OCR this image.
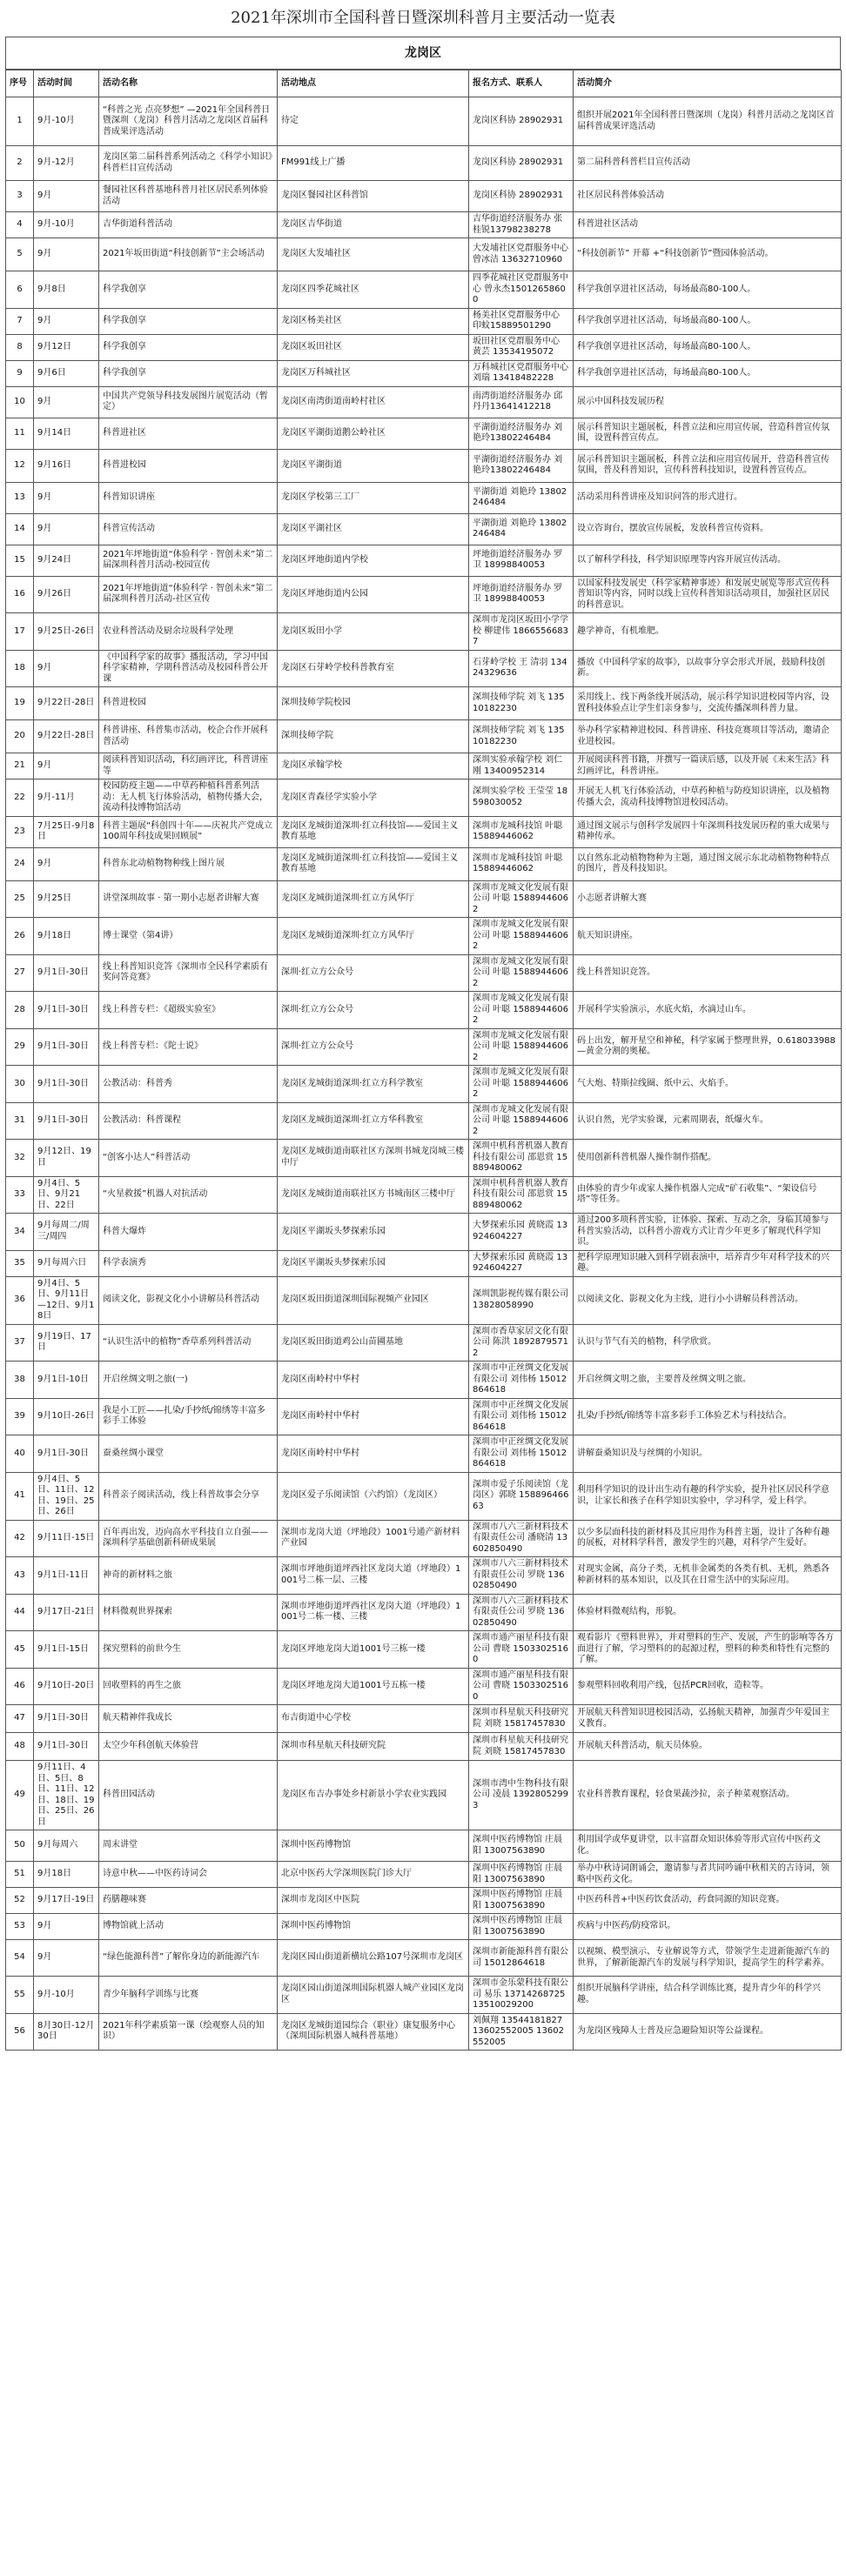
2021年深圳市全国科普日暨深圳科普月主要活动一览表
龙岗区
序号	活动时间	活动名称	活动地点	报名方式、联系人	活动简介
1	9月-10月	“科普之光 点亮梦想” —2021年全国科普日暨深圳（龙岗）科普月活动之龙岗区首届科普成果评选活动	待定	龙岗区科协 28902931	组织开展2021年全国科普日暨深圳（龙岗）科普月活动之龙岗区首届科普成果评选活动
2	9月-12月	龙岗区第二届科普系列活动之《科学小知识》科普栏目宣传活动	FM991线上广播	龙岗区科协 28902931	第二届科普科普栏目宣传活动
3	9月	餐园社区科普基地科普月社区居民系列体验活动	龙岗区餐园社区科普馆	龙岗区科协 28902931	社区居民科普体验活动
4	9月-10月	吉华街道科普活动	龙岗区吉华街道	吉华街道经济服务办 张桂锐13798238278	科普进社区活动
5	9月	2021年坂田街道“科技创新节”主会场活动	龙岗区大发埔社区	大发埔社区党群服务中心 曾冰洁 13632710960	“科技创新节” 开幕 +“科技创新节”暨园体验活动。
6	9月8日	科学我创享	龙岗区四季花城社区	四季花城社区党群服务中心 曾永杰15012658600	科学我创享进社区活动，每场最高80-100人。
7	9月	科学我创享	龙岗区杨美社区	杨美社区党群服务中心 印蚊15889501290	科学我创享进社区活动，每场最高80-100人。
8	9月12日	科学我创享	龙岗区坂田社区	坂田社区党群服务中心 黄芸 13534195072	科学我创享进社区活动，每场最高80-100人。
9	9月6日	科学我创享	龙岗区万科城社区	万科城社区党群服务中心 刘瑞 13418482228	科学我创享进社区活动，每场最高80-100人。
10	9月	中国共产党领导科技发展图片展览活动（暂定）	龙岗区南湾街道南岭村社区	南湾街道经济服务办 邱丹丹13641412218	展示中国科技发展历程
11	9月14日	科普进社区	龙岗区平湖街道鹅公岭社区	平湖街道经济服务办 刘艳玲13802246484	展示科普知识主题展板，科普立法和应用宣传展，营造科普宣传氛围，设置科普宣传点。
12	9月16日	科普进校园	龙岗区平湖街道	平湖街道经济服务办 刘艳玲13802246484	展示科普知识主题展板，科普立法和应用宣传展开，营造科普宣传氛围，普及科普知识，宣传科普科技知识，设置科普宣传点。
13	9月	科普知识讲座	龙岗区学校第三工厂	平湖街道 刘艳玲 13802246484	活动采用科普讲座及知识问答的形式进行。
14	9月	科普宣传活动	龙岗区平湖社区	平湖街道 刘艳玲 13802246484	设立咨询台，摆放宣传展板，发放科普宣传资料。
15	9月24日	2021年坪地街道“体验科学 · 智创未来”第二届深圳科普月活动-校园宣传	龙岗区坪地街道内学校	坪地街道经济服务办 罗卫 18998840053	以了解科学科技，科学知识原理等内容开展宣传活动。
16	9月26日	2021年坪地街道“体验科学 · 智创未来”第二届深圳科普月活动-社区宣传	龙岗区坪地街道内公园	坪地街道经济服务办 罗卫 18998840053	以国家科技发展史（科学家精神事迹）和发展史展览等形式宣传科普知识等内容，同时以线上宣传科普知识活动项目，加强社区居民的科普意识。
17	9月25日-26日	农业科普活动及厨余垃圾科学处理	龙岗区坂田小学	深圳市龙岗区坂田小学学校 柳建伟 18665566837	趣学神奇，有机堆肥。
18	9月	《中国科学家的故事》播报活动，学习中国科学家精神，学期科普活动及校园科普公开课	龙岗区石芽岭学校科普教育室	石芽岭学校 王 清羽 13424329636	播放《中国科学家的故事》，以故事分享会形式开展，鼓励科技创新。
19	9月22日-28日	科普进校园	深圳技师学院校园	深圳技师学院 刘飞 13510182230	采用线上、线下两条线开展活动，展示科学知识进校园等内容，设置科技体验点让学生们亲身参与，交流传播深圳科普力量。
20	9月22日-28日	科普讲座、科普集市活动，校企合作开展科普活动	深圳技师学院	深圳技师学院 刘飞 13510182230	举办科学家精神进校园、科普讲座、科技竞赛项目等活动，邀请企业进校园。
21	9月	阅读科普知识活动，科幻画评比，科普讲座等	龙岗区承翰学校	深圳实验承翰学校 刘仁刚 13400952314	开展阅读科普书籍，并撰写一篇读后感，以及开展《未来生活》科幻画评比，科普讲座。
22	9月-11月	校园防疫主题——中草药种植科普系列活动：无人机飞行体验活动，植物传播大会，流动科技博物馆活动	龙岗区青森径学实验小学	深圳实验学校 王莹莹 18598030052	开展无人机飞行体验活动，中草药种植与防疫知识讲座，以及植物传播大会，流动科技博物馆进校园活动。
23	7月25日-9月8日	科普主题展“科创四十年——庆祝共产党成立100周年科技成果回顾展”	龙岗区龙城街道深圳·红立科技馆——爱国主义教育基地	深圳市龙城科技馆 叶聪 15889446062	通过图文展示与创科学发展四十年深圳科技发展历程的重大成果与精神传承。
24	9月	科普东北动植物物种线上图片展	龙岗区龙城街道深圳·红立科技馆——爱国主义教育基地	深圳市龙城科技馆 叶聪 15889446062	以自然东北动植物物种为主题，通过图文展示东北动植物物种特点的图片，普及科技知识。
25	9月25日	讲堂深圳故事 · 第一期小志愿者讲解大赛	龙岗区龙城街道深圳·红立方风华厅	深圳市龙城文化发展有限公司 叶聪 15889446062	小志愿者讲解大赛
26	9月18日	博士课堂（第4讲）	龙岗区龙城街道深圳·红立方风华厅	深圳市龙城文化发展有限公司 叶聪 15889446062	航天知识讲座。
27	9月1日-30日	线上科普知识竞答《深圳市全民科学素质有奖问答竞赛》	深圳·红立方公众号	深圳市龙城文化发展有限公司 叶聪 15889446062	线上科普知识竞答。
28	9月1日-30日	线上科普专栏：《超级实验室》	深圳·红立方公众号	深圳市龙城文化发展有限公司 叶聪 15889446062	开展科学实验演示，水底火焰，水滴过山车。
29	9月1日-30日	线上科普专栏：《陀士说》	深圳·红立方公众号	深圳市龙城文化发展有限公司 叶聪 15889446062	码上出发，解开星空和神秘，科学家属于整理世界，0.618033988—黄金分割的奥秘。
30	9月1日-30日	公教活动：科普秀	龙岗区龙城街道深圳·红立方科学教室	深圳市龙城文化发展有限公司 叶聪 15889446062	气大炮、特斯拉线圈、纸中云、火焰手。
31	9月1日-30日	公教活动：科普课程	龙岗区龙城街道深圳·红立方华科教室	深圳市龙城文化发展有限公司 叶聪 15889446062	认识自然，光学实验课，元素周期表，纸爆火车。
32	9月12日、19日	“创客小达人”科普活动	龙岗区龙城街道南联社区方深圳书城龙岗城三楼中厅	深圳中机科普机器人教育科技有限公司 邵恩赏 15889480062	使用创新科普机器人操作制作搭配。
33	9月4日、5日、9月21日、22日	“火星救援”机器人对抗活动	龙岗区龙城街道南联社区方书城南区三楼中厅	深圳中机科普机器人教育科技有限公司 邵恩赏 15889480062	由体验的青少年或家人操作机器人完成“矿石收集”、“架设信号塔”等任务。
34	9月每周二/周三/周四	科普大爆炸	龙岗区平湖坂头梦探索乐园	大梦探索乐园 黄晓霞 13924604227	通过200多项科普实验，让体验、探索、互动之余，身临其境参与科普实验活动，以科普小游戏方式让青少年更多了解现代科学知识。
35	9月每周六日	科学表演秀	龙岗区平湖坂头梦探索乐园	大梦探索乐园 黄晓霞 13924604227	把科学原理知识融入到科学剧表演中，培养青少年对科学技术的兴趣。
36	9月4日、5日、9月11日—12日、9月18日	阅读文化，影视文化小小讲解员科普活动	龙岗区坂田街道深圳国际视频产业园区	深圳凯影视传媒有限公司 13828058990	以阅读文化、影视文化为主线，进行小小讲解员科普活动。
37	9月19日、17日	“认识生活中的植物”香草系列科普活动	龙岗区坂田街道鸡公山苗圃基地	深圳市香草家居文化有限公司 陈洪 18928795712	认识与节气有关的植物，科学欣赏。
38	9月1日-10日	开启丝绸文明之旅(一)	龙岗区南岭村中华村	深圳市中正丝绸文化发展有限公司 刘伟杨 15012864618	开启丝绸文明之旅，主要普及丝绸文明之旅。
39	9月10日-26日	我是小工匠——扎染/手抄纸/锦绣等丰富多彩手工体验	龙岗区南岭村中华村	深圳市中正丝绸文化发展有限公司 刘伟杨 15012864618	扎染/手抄纸/锦绣等丰富多彩手工体验艺术与科技结合。
40	9月1日-30日	蚕桑丝绸小课堂	龙岗区南岭村中华村	深圳市中正丝绸文化发展有限公司 刘伟杨 15012864618	讲解蚕桑知识及与丝绸的小知识。
41	9月4日、5日、11日、12日、19日、25日、26日	科普亲子阅读活动，线上科普故事会分享	龙岗区爱子乐阅读馆（六约馆）（龙岗区）	深圳市爱子乐阅读馆（龙岗区）郭晓 15889646663	利用科学知识的设计出生动有趣的科学实验，提升社区居民科学意识，让家长和孩子在科学知识实验中，学习科学，爱上科学。
42	9月11日-15日	百年再出发，迈向高水平科技自立自强——深圳科学基础创新科研成果展	深圳市龙岗大道（坪地段）1001号通产新材料产业园	深圳市八六三新材料技术有限责任公司 潘晓清 13602850490	以少多层面科技的新材料及其应用作为科普主题，设计了各种有趣的展板，对材料学科普，激发学生的兴趣，对科学产生爱好。
43	9月1日-11日	神奇的新材料之旅	深圳市坪地街道坪西社区龙岗大道（坪地段）1001号二栋一层、三楼	深圳市八六三新材料技术有限责任公司 罗晓 13602850490	对现实金属，高分子类，无机非金属类的各类有机、无机，熟悉各种新材料的基本知识，以及其在日常生活中的实际应用。
44	9月17日-21日	材料微观世界探索	深圳市坪地街道坪西社区龙岗大道（坪地段）1001号二栋一楼、三楼	深圳市八六三新材料技术有限责任公司 罗晓 13602850490	体验材料微观结构，形貌。
45	9月1日-15日	探究塑料的前世今生	龙岗区坪地龙岗大道1001号三栋一楼	深圳市通产丽星科技有限公司 曹晓 15033025160	观看影片《塑料世界》，并对塑料的生产、发展，产生的影响等各方面进行了解，学习塑料的的起源过程，塑料的种类和特性有完整的了解。
46	9月10日-20日	回收塑料的再生之旅	龙岗区坪地龙岗大道1001号五栋一楼	深圳市通产丽星科技有限公司 曹晓 15033025160	参观塑料回收利用产线，包括PCR回收，造粒等。
47	9月1日-30日	航天精神伴我成长	布吉街道中心学校	深圳市科星航天科技研究院 刘晓 15817457830	开展航天科普知识进校园活动，弘扬航天精神，加强青少年爱国主义教育。
48	9月1日-30日	太空少年科创航天体验营	深圳市科星航天科技研究院	深圳市科星航天科技研究院 刘晓 15817457830	开展航天科普活动，航天员体验。
49	9月11日、4日、5日、8日、11日、12日、18日、19日、25日、26日	科普田园活动	龙岗区布吉办事处乡村新景小学农业实践园	深圳市湾中生物科技有限公司 凌晨 13928052993	农业科普教育课程，轻食果蔬沙拉，亲子种菜观察活动。
50	9月每周六	周末讲堂	深圳中医药博物馆	深圳中医药博物馆 庄晨阳 13007563890	利用国学或华夏讲堂，以丰富群众知识体验等形式宣传中医药文化。
51	9月18日	诗意中秋——中医药诗词会	北京中医药大学深圳医院门诊大厅	深圳中医药博物馆 庄晨阳 13007563890	举办中秋诗词朗诵会，邀请参与者共同吟诵中秋相关的古诗词，领略中医药文化。
52	9月17日-19日	药膳趣味赛	深圳市龙岗区中医院	深圳中医药博物馆 庄晨阳 13007563890	中医药科普+中医药饮食活动，药食同源的知识竞赛。
53	9月	博物馆就上活动	深圳中医药博物馆	深圳中医药博物馆 庄晨阳 13007563890	疾病与中医药/防疫常识。
54	9月	“绿色能源科普”了解你身边的新能源汽车	龙岗区园山街道新横坑公路107号深圳市龙岗区	深圳市新能源科普有限公司 15012864618	以视频、模型演示、专业解说等方式，带领学生走进新能源汽车的世界，了解新能源汽车的发展与科学知识，提高学生的科学素养。
55	9月-10月	青少年脑科学训练与比赛	龙岗区园山街道深圳国际机器人城产业园区龙岗区	深圳市金乐蒙科技有限公司 易乐 13714268725 13510029200	组织开展脑科学讲座，结合科学训练比赛，提升青少年的科学兴趣。
56	8月30日-12月30日	2021年科学素质第一课（绘观察人员的知识）	龙岗区龙城街道园综合（职业）康复服务中心（深圳国际机器人城科普基地）	刘佩翔 13544181827 13602552005 13602552005	为龙岗区残障人士普及应急避险知识等公益课程。
